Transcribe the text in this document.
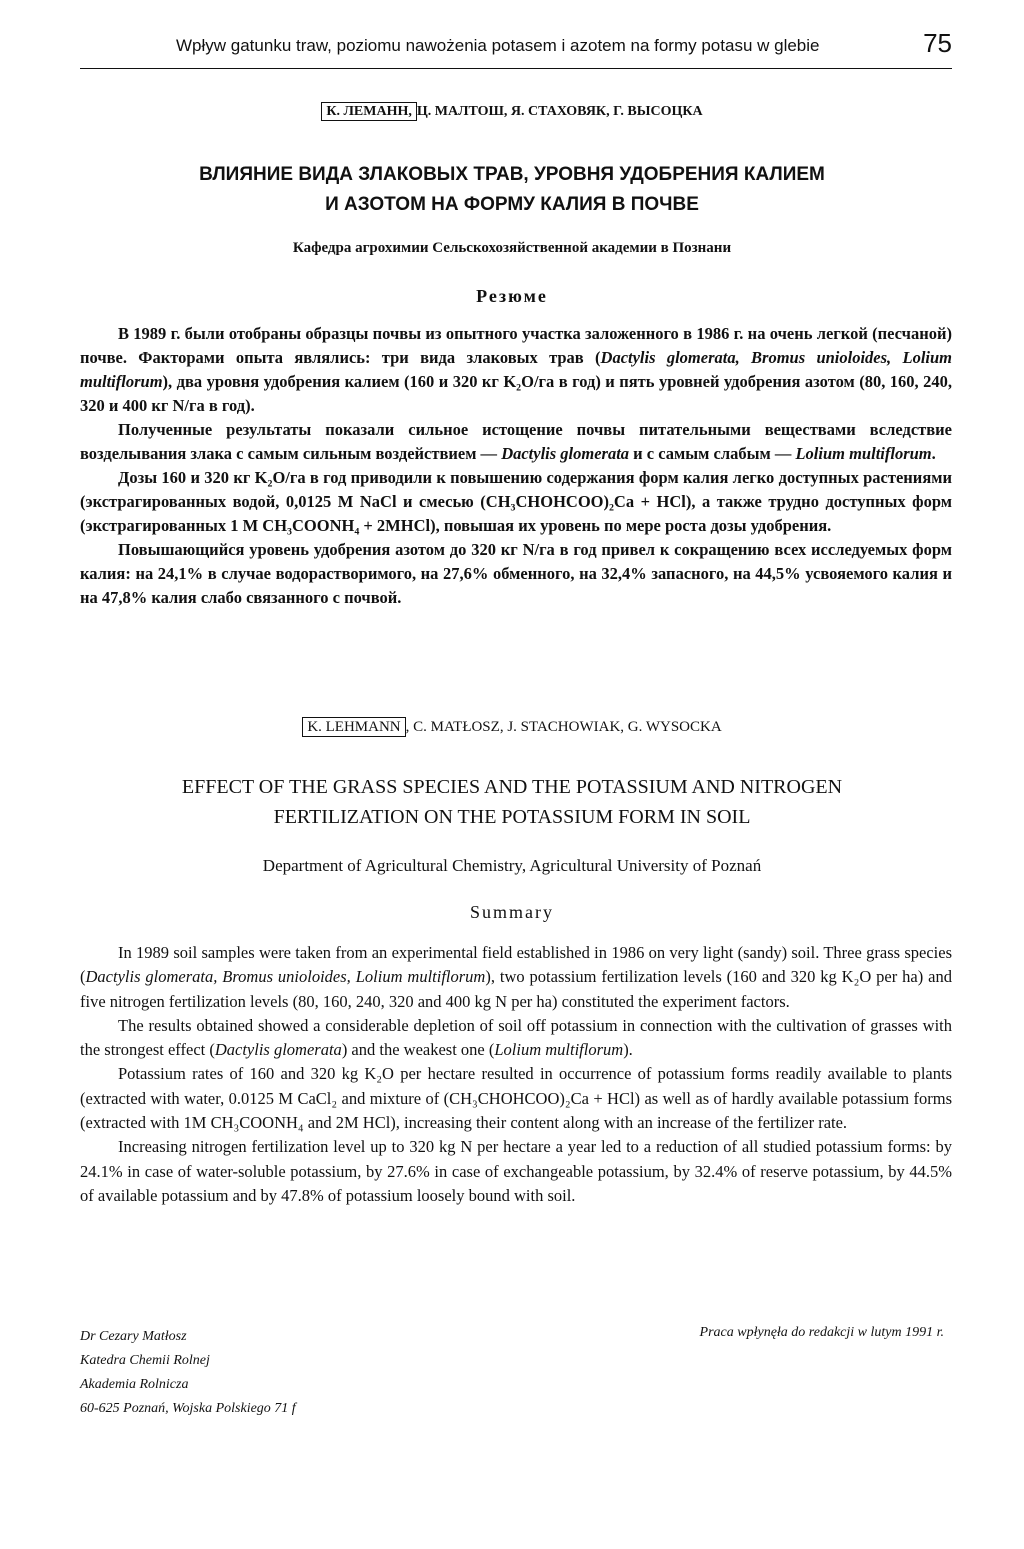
Wpływ gatunku traw, poziomu nawożenia potasem i azotem na formy potasu w glebie	75
К. ЛЕМАНН, Ц. МАЛТОШ, Я. СТАХОВЯК, Г. ВЫСОЦКА
ВЛИЯНИЕ ВИДА ЗЛАКОВЫХ ТРАВ, УРОВНЯ УДОБРЕНИЯ КАЛИЕМ
И АЗОТОМ НА ФОРМУ КАЛИЯ В ПОЧВЕ
Кафедра агрохимии Сельскохозяйственной академии в Познани
Резюме

В 1989 г. были отобраны образцы почвы из опытного участка заложенного в 1986 г. на очень легкой (песчаной) почве. Факторами опыта являлись: три вида злаковых трав (Dactylis glomerata, Bromus unioloides, Lolium multiflorum), два уровня удобрения калием (160 и 320 кг K₂O/га в год) и пять уровней удобрения азотом (80, 160, 240, 320 и 400 кг N/га в год).

Полученные результаты показали сильное истощение почвы питательными веществами вследствие возделывания злака с самым сильным воздействием — Dactylis glomerata и с самым слабым — Lolium multiflorum.

Дозы 160 и 320 кг K₂O/га в год приводили к повышению содержания форм калия легко доступных растениями (экстрагированных водой, 0,0125 M NaCl и смесью (CH₃CHOHCOO)₂Ca + HCl), а также трудно доступных форм (экстрагированных 1 M CH₃COONH₄ + 2MHCl), повышая их уровень по мере роста дозы удобрения.

Повышающийся уровень удобрения азотом до 320 кг N/га в год привел к сокращению всех исследуемых форм калия: на 24,1% в случае водорастворимого, на 27,6% обменного, на 32,4% запасного, на 44,5% усвояемого калия и на 47,8% калия слабо связанного с почвой.

K. LEHMANN , C. MATŁOSZ, J. STACHOWIAK, G. WYSOCKA
EFFECT OF THE GRASS SPECIES AND THE POTASSIUM AND NITROGEN
FERTILIZATION ON THE POTASSIUM FORM IN SOIL
Department of Agricultural Chemistry, Agricultural University of Poznań
Summary

In 1989 soil samples were taken from an experimental field established in 1986 on very light (sandy) soil. Three grass species (Dactylis glomerata, Bromus unioloides, Lolium multiflorum), two potassium fertilization levels (160 and 320 kg K₂O per ha) and five nitrogen fertilization levels (80, 160, 240, 320 and 400 kg N per ha) constituted the experiment factors.

The results obtained showed a considerable depletion of soil off potassium in connection with the cultivation of grasses with the strongest effect (Dactylis glomerata) and the weakest one (Lolium multiflorum).

Potassium rates of 160 and 320 kg K₂O per hectare resulted in occurrence of potassium forms readily available to plants (extracted with water, 0.0125 M CaCl₂ and mixture of (CH₃CHOHCOO)₂Ca + HCl) as well as of hardly available potassium forms (extracted with 1M CH₃COONH₄ and 2M HCl), increasing their content along with an increase of the fertilizer rate.

Increasing nitrogen fertilization level up to 320 kg N per hectare a year led to a reduction of all studied potassium forms: by 24.1% in case of water-soluble potassium, by 27.6% in case of exchangeable potassium, by 32.4% of reserve potassium, by 44.5% of available potassium and by 47.8% of potassium loosely bound with soil.

Dr Cezary Matłosz
Katedra Chemii Rolnej
Akademia Rolnicza
60-625 Poznań, Wojska Polskiego 71 f
Praca wpłynęła do redakcji w lutym 1991 r.
